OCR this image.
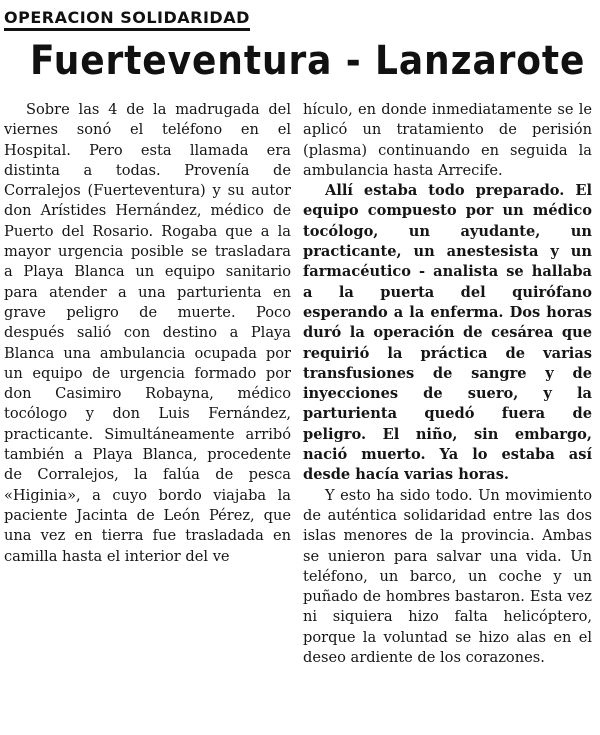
OPERACION SOLIDARIDAD
Fuerteventura - Lanzarote

Sobre las 4 de la madrugada del viernes sonó el teléfono en el Hospital. Pero esta llamada era distinta a todas. Provenía de Corralejos (Fuerteventura) y su autor don Arístides Hernández, médico de Puerto del Rosario. Rogaba que a la mayor urgencia posible se trasladara a Playa Blanca un equipo sanitario para atender a una parturienta en grave peligro de muerte. Poco después salió con destino a Playa Blanca una ambulancia ocupada por un equipo de urgencia formado por don Casimiro Robayna, médico tocólogo y don Luis Fernández, practicante. Simultáneamente arribó también a Playa Blanca, procedente de Corralejos, la falúa de pesca «Higinia», a cuyo bordo viajaba la paciente Jacinta de León Pérez, que una vez en tierra fue trasladada en camilla hasta el interior del ve

hículo, en donde inmediatamente se le aplicó un tratamiento de perisión (plasma) continuando en seguida la ambulancia hasta Arrecife.

Allí estaba todo preparado. El equipo compuesto por un médico tocólogo, un ayudante, un practicante, un anestesista y un farmacéutico - analista se hallaba a la puerta del quirófano esperando a la enferma. Dos horas duró la operación de cesárea que requirió la práctica de varias transfusiones de sangre y de inyecciones de suero, y la parturienta quedó fuera de peligro. El niño, sin embargo, nació muerto. Ya lo estaba así desde hacía varias horas.

Y esto ha sido todo. Un movimiento de auténtica solidaridad entre las dos islas menores de la provincia. Ambas se unieron para salvar una vida. Un teléfono, un barco, un coche y un puñado de hombres bastaron. Esta vez ni siquiera hizo falta helicóptero, porque la voluntad se hizo alas en el deseo ardiente de los corazones.
